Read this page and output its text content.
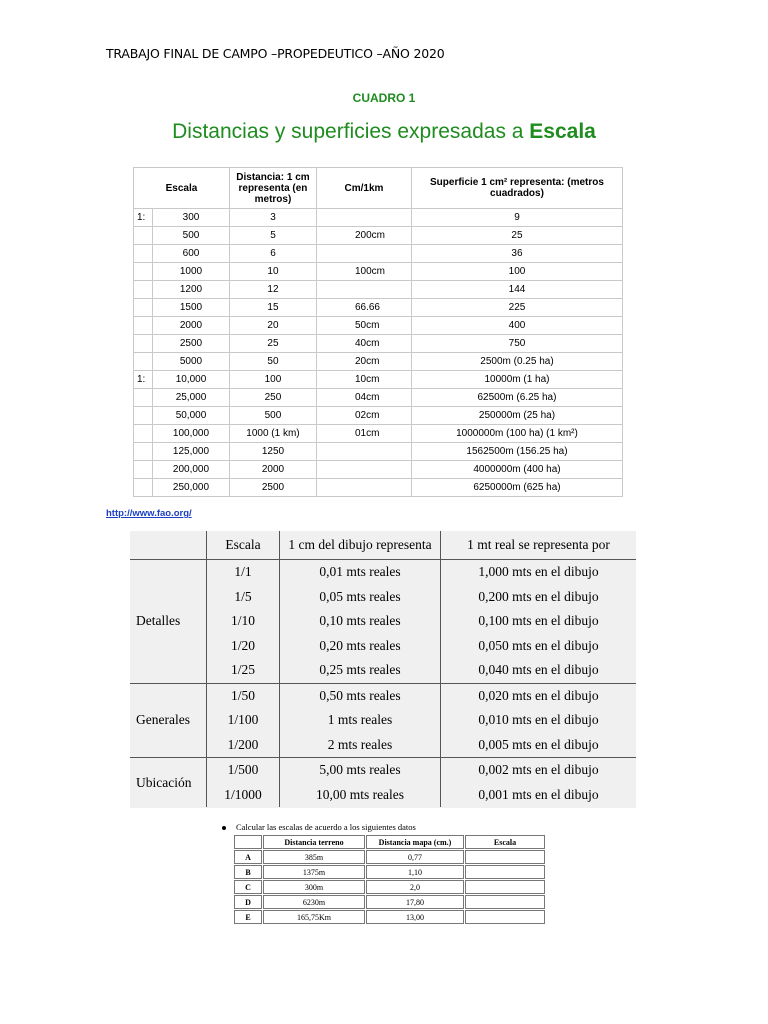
TRABAJO FINAL DE CAMPO –PROPEDEUTICO –AÑO 2020
CUADRO 1
Distancias y superficies expresadas a Escala
Escala		Distancia: 1 cm representa (en metros)	Cm/1km	Superficie 1 cm² representa: (metros cuadrados)
1:	300	3		9
	500	5	200cm	25
	600	6		36
	1000	10	100cm	100
	1200	12		144
	1500	15	66.66	225
	2000	20	50cm	400
	2500	25	40cm	750
	5000	50	20cm	2500m (0.25 ha)
1:	10,000	100	10cm	10000m (1 ha)
	25,000	250	04cm	62500m (6.25 ha)
	50,000	500	02cm	250000m (25 ha)
	100,000	1000 (1 km)	01cm	1000000m (100 ha) (1 km²)
	125,000	1250		1562500m (156.25 ha)
	200,000	2000		4000000m (400 ha)
	250,000	2500		6250000m (625 ha)
http://www.fao.org/
	Escala	1 cm del dibujo representa	1 mt real se representa por
Detalles	1/1	0,01 mts reales	1,000 mts en el dibujo
	1/5	0,05 mts reales	0,200 mts en el dibujo
	1/10	0,10 mts reales	0,100 mts en el dibujo
	1/20	0,20 mts reales	0,050 mts en el dibujo
	1/25	0,25 mts reales	0,040 mts en el dibujo
Generales	1/50	0,50 mts reales	0,020 mts en el dibujo
	1/100	1 mts reales	0,010 mts en el dibujo
	1/200	2 mts reales	0,005 mts en el dibujo
Ubicación	1/500	5,00 mts reales	0,002 mts en el dibujo
	1/1000	10,00 mts reales	0,001 mts en el dibujo
Calcular las escalas de acuerdo a los siguientes datos
	Distancia terreno	Distancia mapa (cm.)	Escala
A	385m	0,77	
B	1375m	1,10	
C	300m	2,0	
D	6230m	17,80	
E	165,75Km	13,00	
